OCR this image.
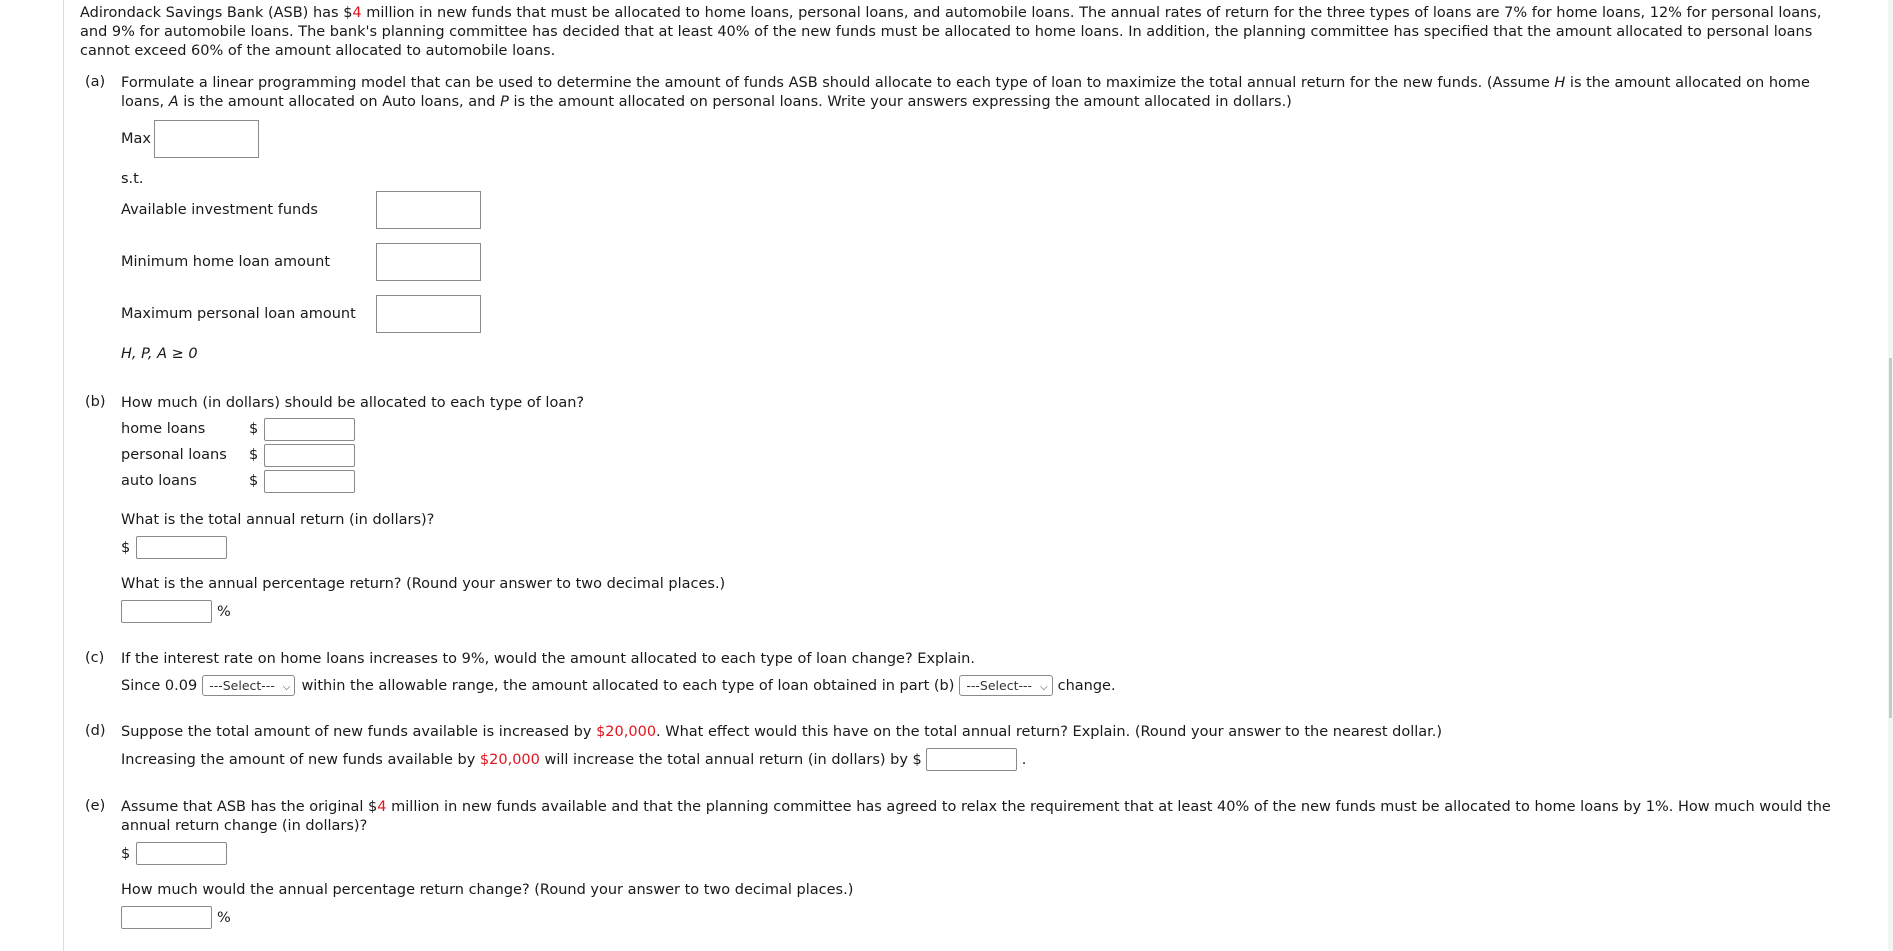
Adirondack Savings Bank (ASB) has $4 million in new funds that must be allocated to home loans, personal loans, and automobile loans. The annual rates of return for the three types of loans are 7% for home loans, 12% for personal loans, and 9% for automobile loans. The bank's planning committee has decided that at least 40% of the new funds must be allocated to home loans. In addition, the planning committee has specified that the amount allocated to personal loans cannot exceed 60% of the amount allocated to automobile loans.

(a) Formulate a linear programming model that can be used to determine the amount of funds ASB should allocate to each type of loan to maximize the total annual return for the new funds. (Assume H is the amount allocated on home loans, A is the amount allocated on Auto loans, and P is the amount allocated on personal loans. Write your answers expressing the amount allocated in dollars.)

Max

s.t.

Available investment funds
Minimum home loan amount
Maximum personal loan amount

H, P, A ≥ 0

(b) How much (in dollars) should be allocated to each type of loan?

home loans	$
personal loans	$
auto loans	$

What is the total annual return (in dollars)?

$

What is the annual percentage return? (Round your answer to two decimal places.)

%
(c) If the interest rate on home loans increases to 9%, would the amount allocated to each type of loan change? Explain.

Since 0.09 ---Select--- ⌵ within the allowable range, the amount allocated to each type of loan obtained in part (b) ---Select--- ⌵ change.
(d) Suppose the total amount of new funds available is increased by $20,000. What effect would this have on the total annual return? Explain. (Round your answer to the nearest dollar.)

Increasing the amount of new funds available by $20,000 will increase the total annual return (in dollars) by $	.
(e) Assume that ASB has the original $4 million in new funds available and that the planning committee has agreed to relax the requirement that at least 40% of the new funds must be allocated to home loans by 1%. How much would the annual return change (in dollars)?

$

How much would the annual percentage return change? (Round your answer to two decimal places.)

%
